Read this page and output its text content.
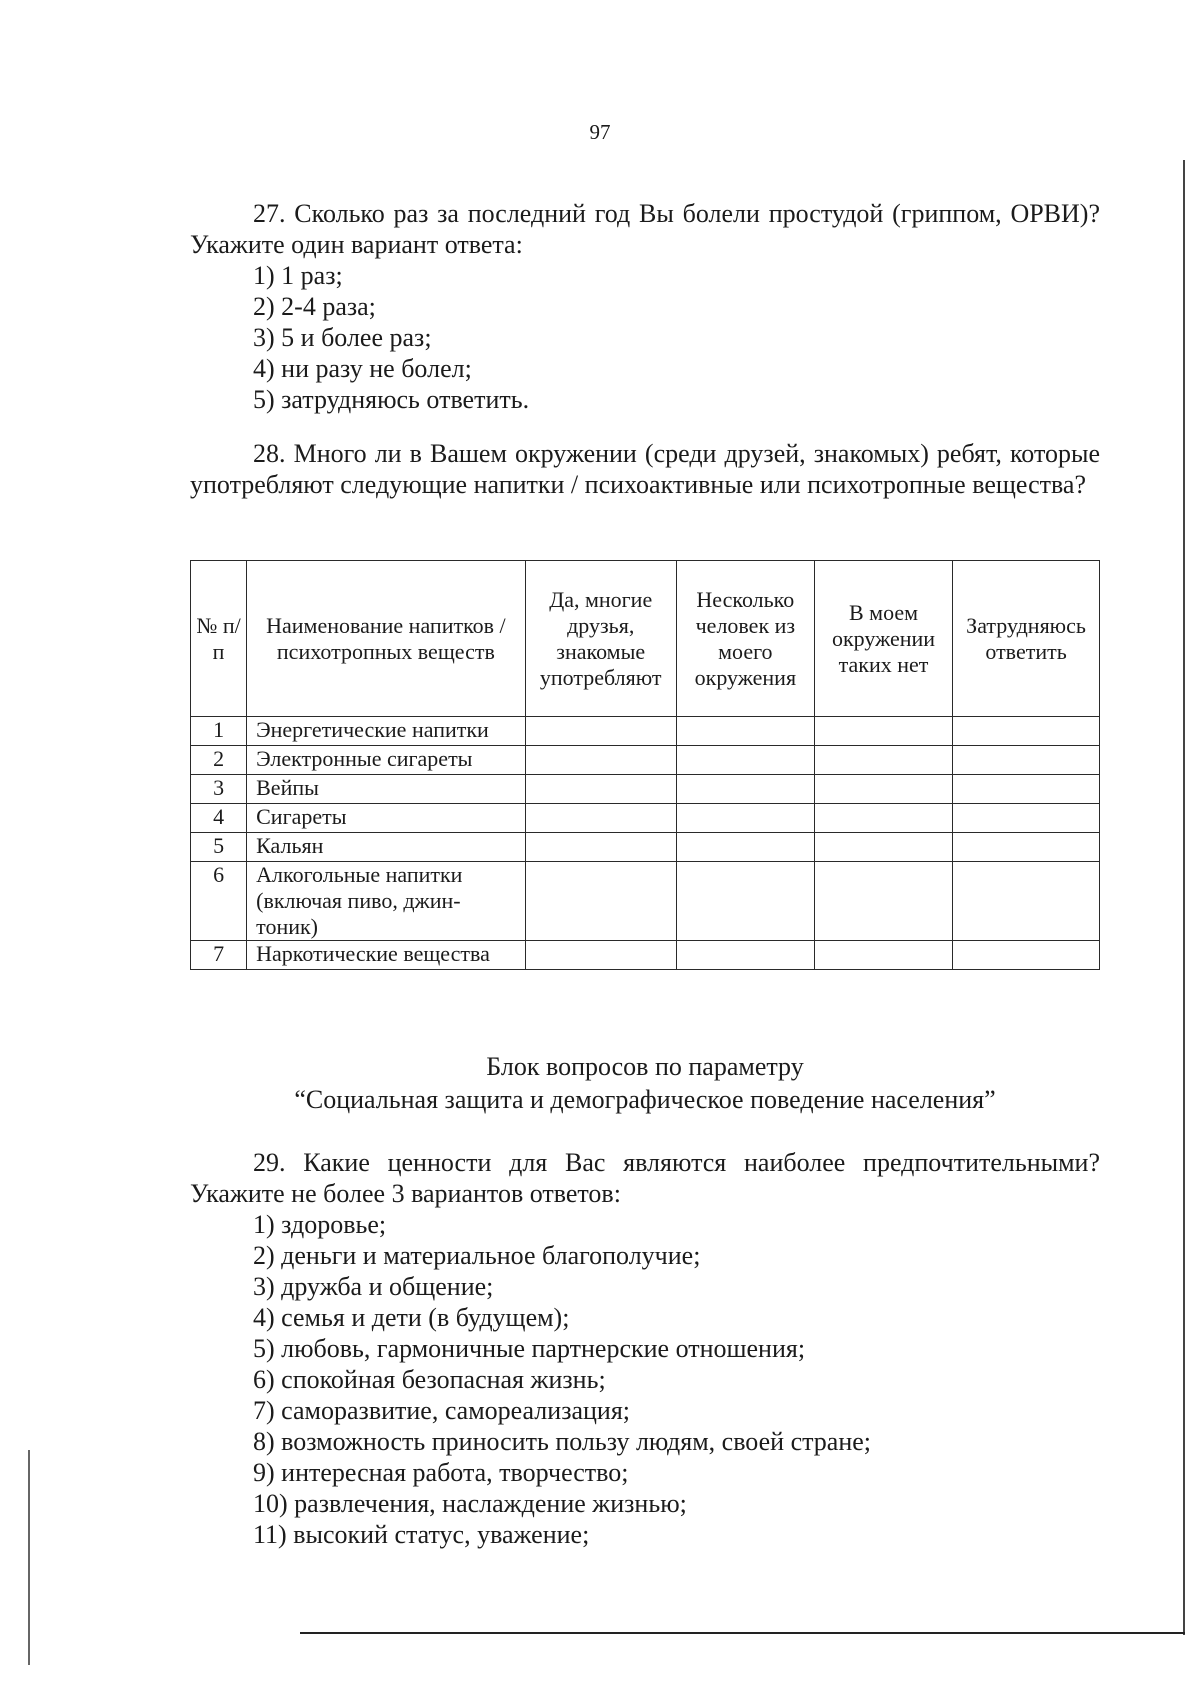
97
27. Сколько раз за последний год Вы болели простудой (гриппом, ОРВИ)? Укажите один вариант ответа:
1) 1 раз;
2) 2-4 раза;
3) 5 и более раз;
4) ни разу не болел;
5) затрудняюсь ответить.
28. Много ли в Вашем окружении (среди друзей, знакомых) ребят, которые употребляют следующие напитки / психоактивные или психотропные вещества?
№ п/п	Наименование напитков / психотропных веществ	Да, многие друзья, знакомые употребляют	Несколько человек из моего окружения	В моем окружении таких нет	Затрудняюсь ответить
1	Энергетические напитки				
2	Электронные сигареты				
3	Вейпы				
4	Сигареты				
5	Кальян				
6	Алкогольные напитки (включая пиво, джин-тоник)				
7	Наркотические вещества				
Блок вопросов по параметру
“Социальная защита и демографическое поведение населения”
29. Какие ценности для Вас являются наиболее предпочтительными? Укажите не более 3 вариантов ответов:
1) здоровье;
2) деньги и материальное благополучие;
3) дружба и общение;
4) семья и дети (в будущем);
5) любовь, гармоничные партнерские отношения;
6) спокойная безопасная жизнь;
7) саморазвитие, самореализация;
8) возможность приносить пользу людям, своей стране;
9) интересная работа, творчество;
10) развлечения, наслаждение жизнью;
11) высокий статус, уважение;
